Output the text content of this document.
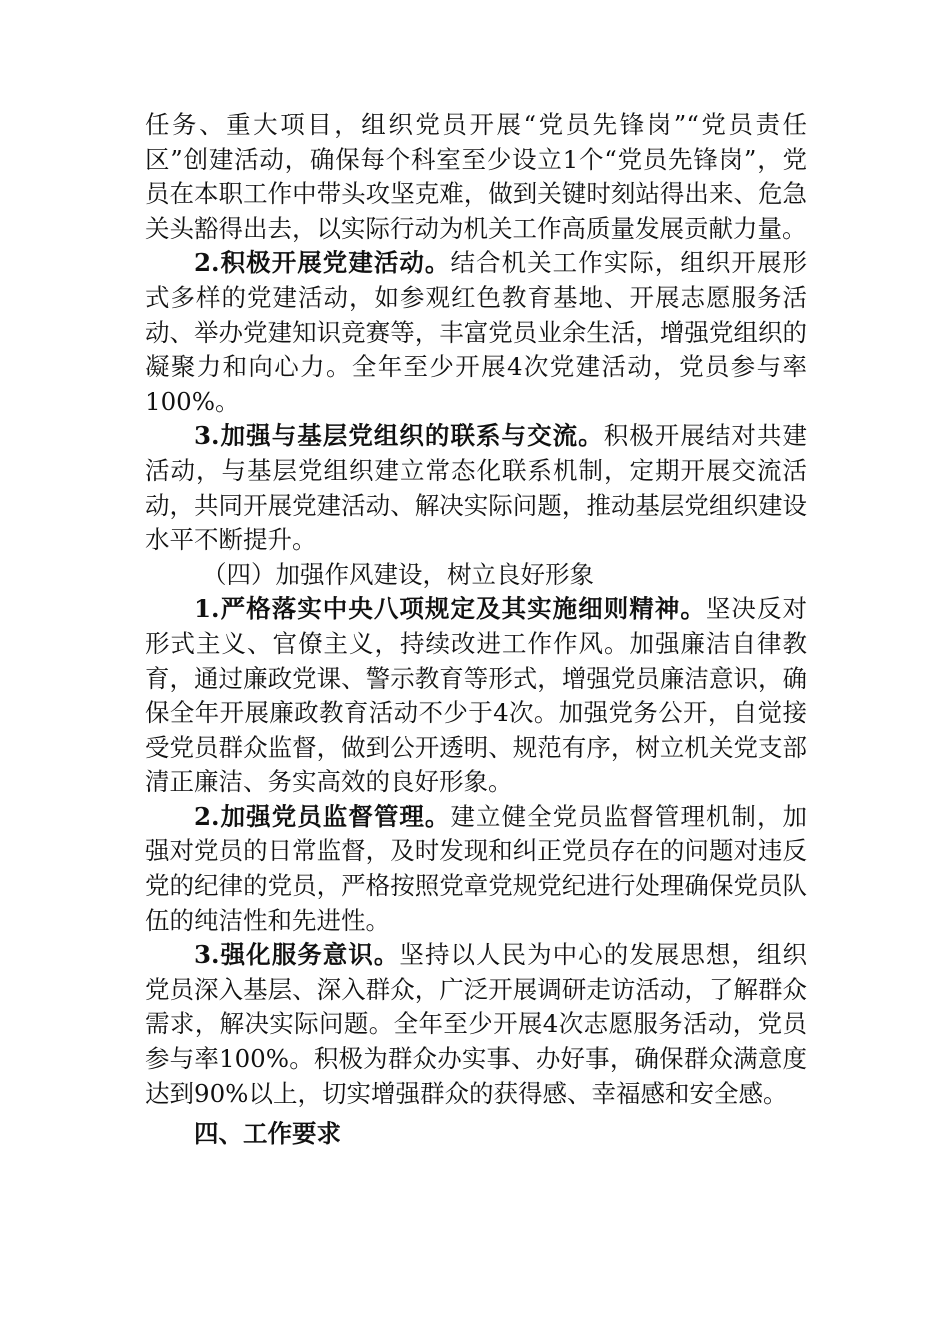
任务、重大项目，组织党员开展“党员先锋岗”“党员责任区”创建活动，确保每个科室至少设立1个“党员先锋岗”，党员在本职工作中带头攻坚克难，做到关键时刻站得出来、危急关头豁得出去，以实际行动为机关工作高质量发展贡献力量。

2.积极开展党建活动。结合机关工作实际，组织开展形式多样的党建活动，如参观红色教育基地、开展志愿服务活动、举办党建知识竞赛等，丰富党员业余生活，增强党组织的凝聚力和向心力。全年至少开展4次党建活动，党员参与率100%。

3.加强与基层党组织的联系与交流。积极开展结对共建活动，与基层党组织建立常态化联系机制，定期开展交流活动，共同开展党建活动、解决实际问题，推动基层党组织建设水平不断提升。

（四）加强作风建设，树立良好形象

1.严格落实中央八项规定及其实施细则精神。坚决反对形式主义、官僚主义，持续改进工作作风。加强廉洁自律教育，通过廉政党课、警示教育等形式，增强党员廉洁意识，确保全年开展廉政教育活动不少于4次。加强党务公开，自觉接受党员群众监督，做到公开透明、规范有序，树立机关党支部清正廉洁、务实高效的良好形象。

2.加强党员监督管理。建立健全党员监督管理机制，加强对党员的日常监督，及时发现和纠正党员存在的问题对违反党的纪律的党员，严格按照党章党规党纪进行处理确保党员队伍的纯洁性和先进性。

3.强化服务意识。坚持以人民为中心的发展思想，组织党员深入基层、深入群众，广泛开展调研走访活动，了解群众需求，解决实际问题。全年至少开展4次志愿服务活动，党员参与率100%。积极为群众办实事、办好事，确保群众满意度达到90%以上，切实增强群众的获得感、幸福感和安全感。

四、工作要求
